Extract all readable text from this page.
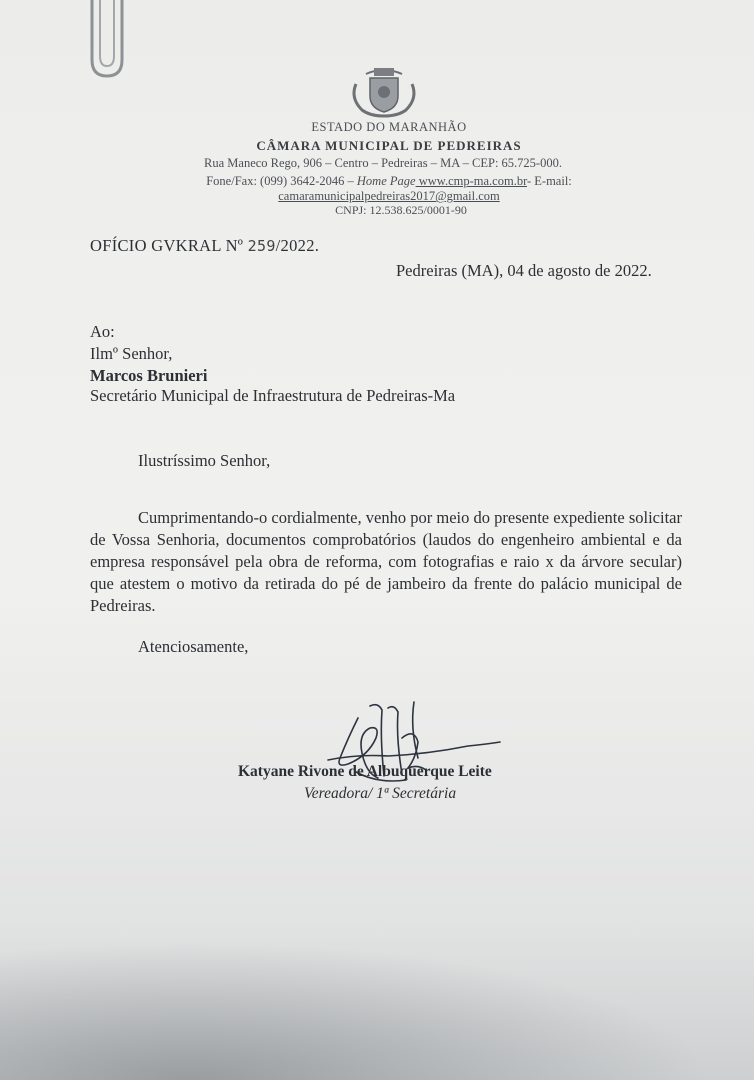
ESTADO DO MARANHÃO
CÂMARA MUNICIPAL DE PEDREIRAS
Rua Maneco Rego, 906 – Centro – Pedreiras – MA – CEP: 65.725-000.
Fone/Fax: (099) 3642-2046 – Home Page www.cmp-ma.com.br- E-mail:
camaramunicipalpedreiras2017@gmail.com
CNPJ: 12.538.625/0001-90
OFÍCIO GVKRAL Nº 259/2022.
Pedreiras (MA), 04 de agosto de 2022.
Ao:
Ilmº Senhor,
Marcos Brunieri
Secretário Municipal de Infraestrutura de Pedreiras-Ma
Ilustríssimo Senhor,
Cumprimentando-o cordialmente, venho por meio do presente expediente solicitar de Vossa Senhoria, documentos comprobatórios (laudos do engenheiro ambiental e da empresa responsável pela obra de reforma, com fotografias e raio x da árvore secular) que atestem o motivo da retirada do pé de jambeiro da frente do palácio municipal de Pedreiras.
Atenciosamente,
Katyane Rivone de Albuquerque Leite
Vereadora/ 1ª Secretária
